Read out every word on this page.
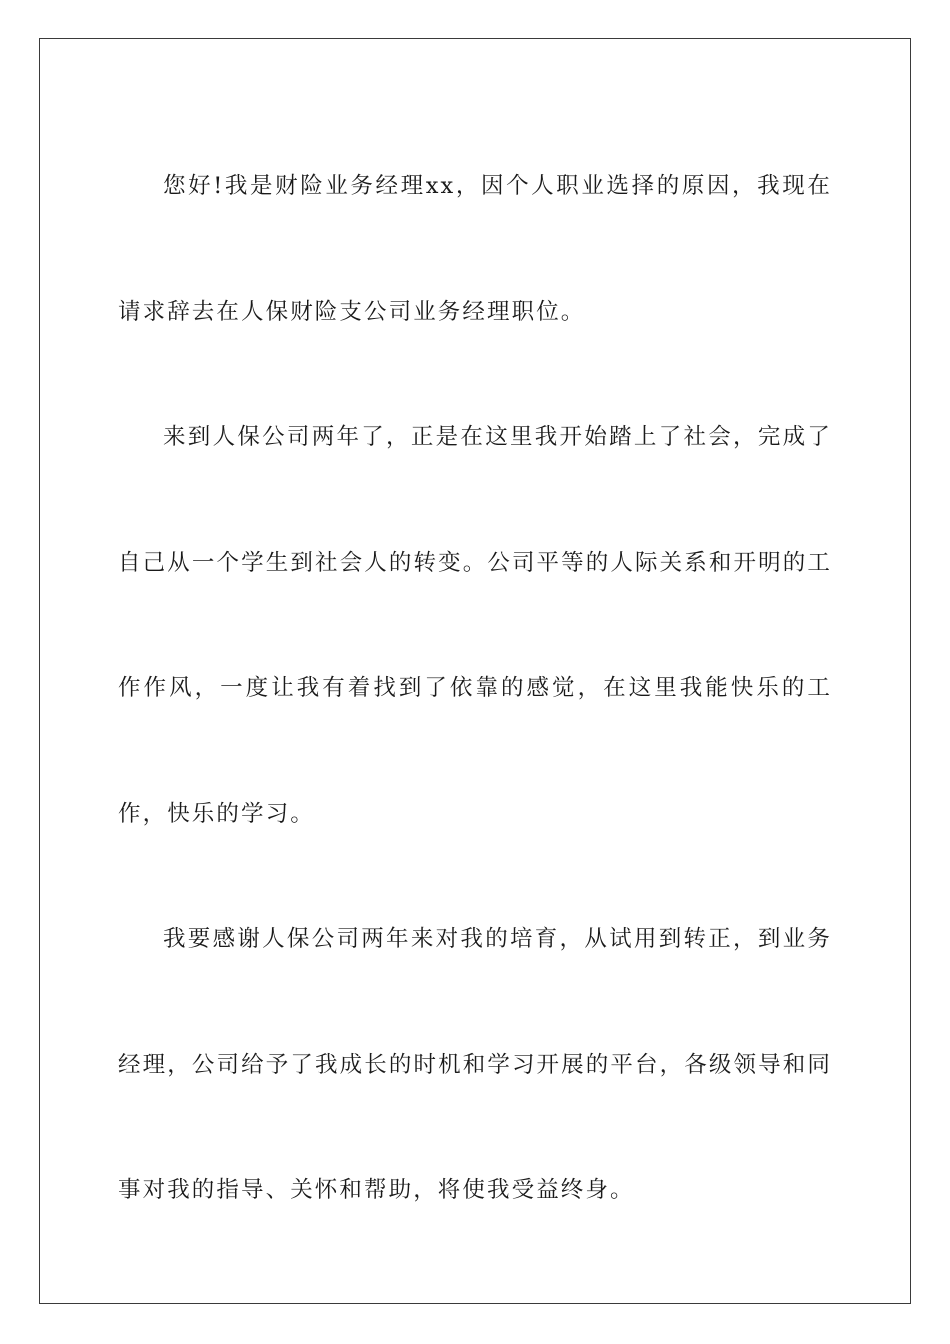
您好!我是财险业务经理xx，因个人职业选择的原因，我现在请求辞去在人保财险支公司业务经理职位。

来到人保公司两年了，正是在这里我开始踏上了社会，完成了自己从一个学生到社会人的转变。公司平等的人际关系和开明的工作作风，一度让我有着找到了依靠的感觉，在这里我能快乐的工作，快乐的学习。

我要感谢人保公司两年来对我的培育，从试用到转正，到业务经理，公司给予了我成长的时机和学习开展的平台，各级领导和同事对我的指导、关怀和帮助，将使我受益终身。
